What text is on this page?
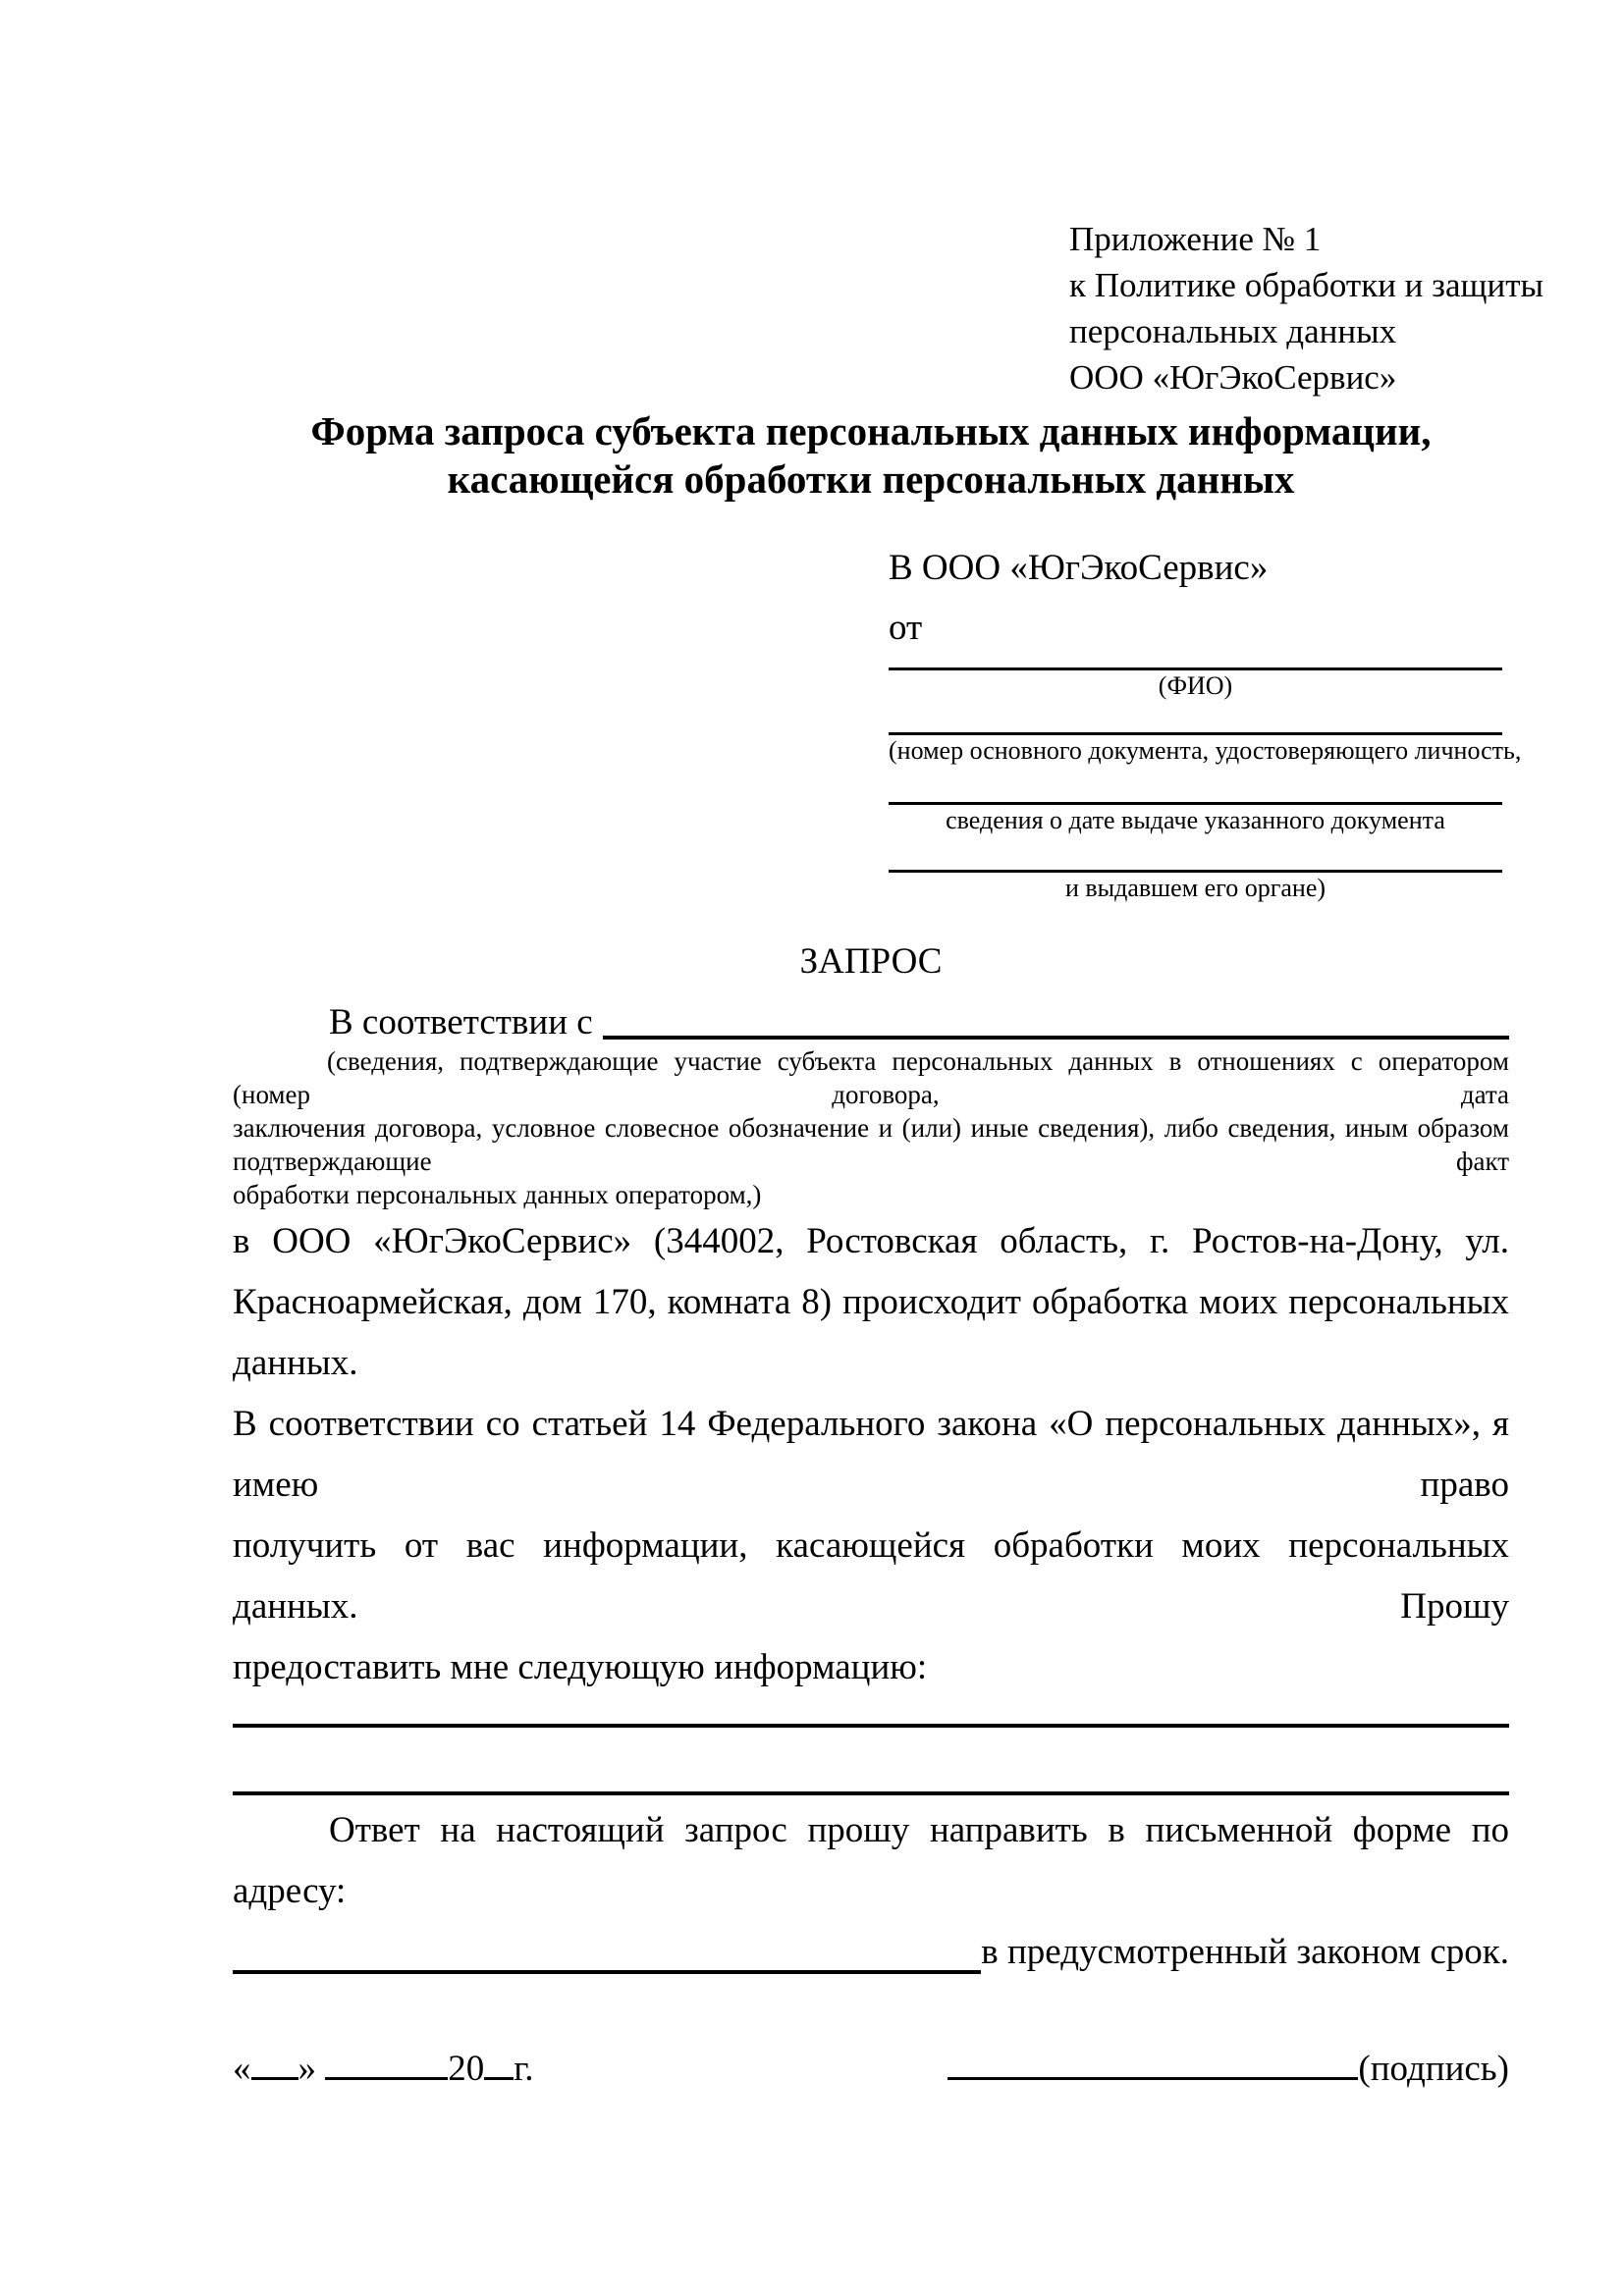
Приложение № 1
к Политике обработки и защиты
персональных данных
ООО «ЮгЭкоСервис»
Форма запроса субъекта персональных данных информации,
касающейся обработки персональных данных
В ООО «ЮгЭкоСервис»
от
(ФИО)
(номер основного документа, удостоверяющего личность,
сведения о дате выдаче указанного документа
и выдавшем его органе)
ЗАПРОС
В соответствии с
(сведения, подтверждающие участие субъекта персональных данных в отношениях с оператором (номер договора, дата
заключения договора, условное словесное обозначение и (или) иные сведения), либо сведения, иным образом подтверждающие факт
обработки персональных данных оператором,)
в ООО «ЮгЭкоСервис» (344002, Ростовская область, г. Ростов-на-Дону, ул.
Красноармейская, дом 170, комната 8) происходит обработка моих персональных данных.
В соответствии со статьей 14 Федерального закона «О персональных данных», я имею право
получить от вас информации, касающейся обработки моих персональных данных. Прошу
предоставить мне следующую информацию:
Ответ на настоящий запрос прошу направить в письменной форме по адресу:
в предусмотренный законом срок.
« »	20 г.	(подпись)
